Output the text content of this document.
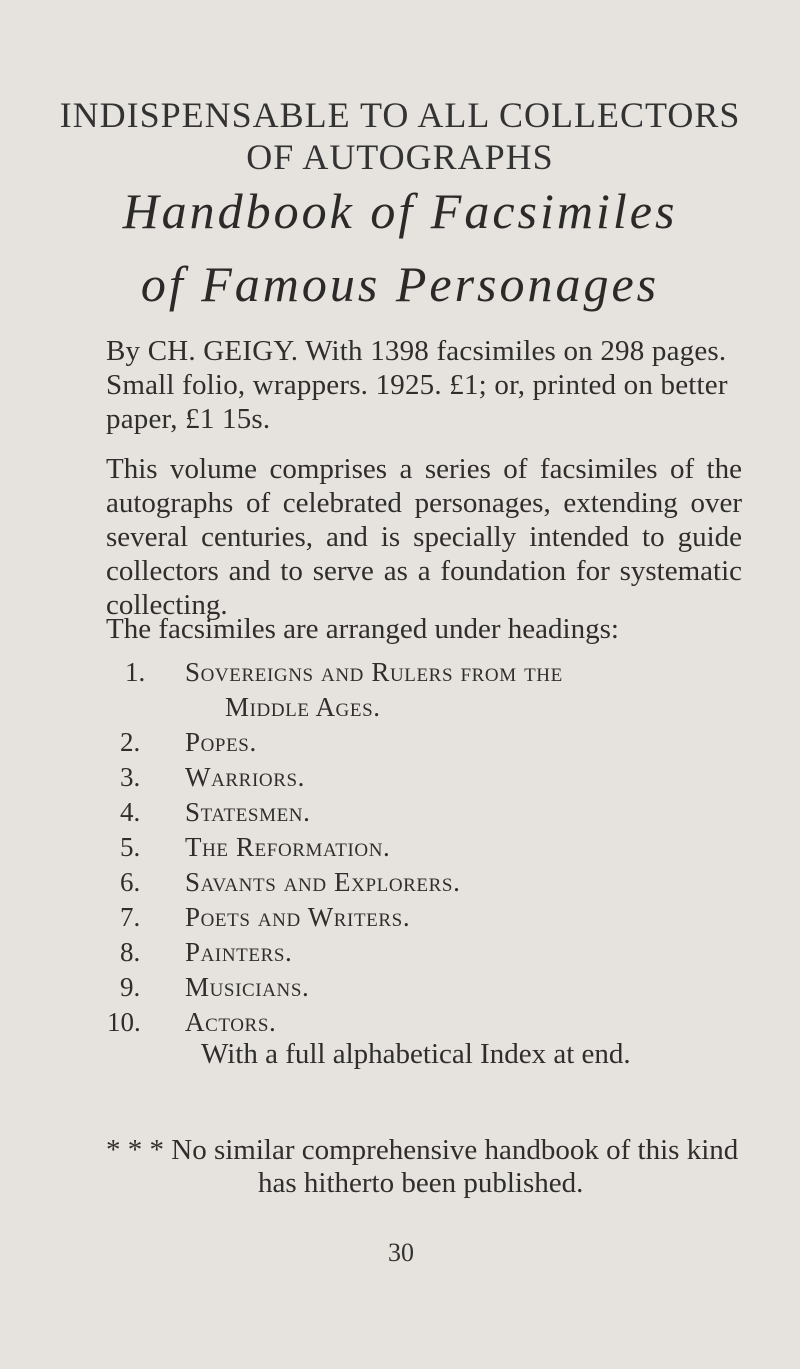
INDISPENSABLE TO ALL COLLECTORS
OF AUTOGRAPHS
Handbook of Facsimiles
of Famous Personages
By CH. GEIGY. With 1398 facsimiles on 298 pages. Small folio, wrappers. 1925. £1; or, printed on better paper, £1 15s.
This volume comprises a series of facsimiles of the autographs of celebrated personages, extending over several centuries, and is specially intended to guide collectors and to serve as a foundation for systematic collecting.
The facsimiles are arranged under headings:
1.	Sovereigns and Rulers from the
Middle Ages.
2.	Popes.
3.	Warriors.
4.	Statesmen.
5.	The Reformation.
6.	Savants and Explorers.
7.	Poets and Writers.
8.	Painters.
9.	Musicians.
10.	Actors.
With a full alphabetical Index at end.
* * * No similar comprehensive handbook of this kind
has hitherto been published.
30
